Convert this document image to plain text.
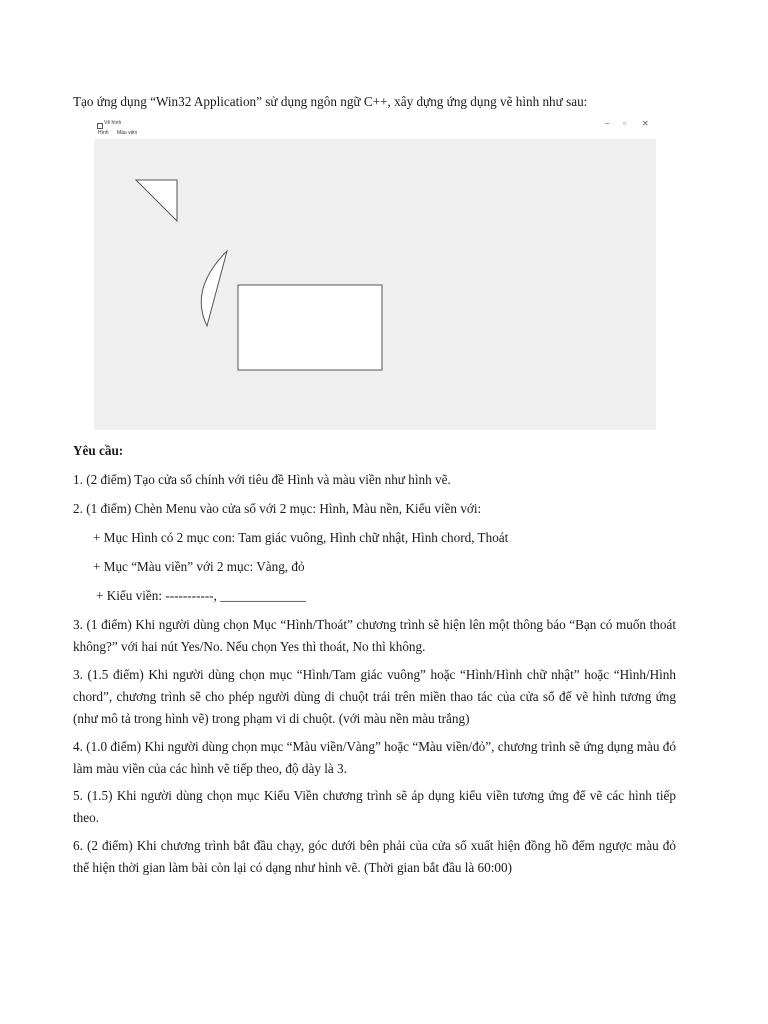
Tạo ứng dụng “Win32 Application” sử dụng ngôn ngữ C++, xây dựng ứng dụng vẽ hình như sau:

Vẽ hình
Hình Màu viền
– ▫ ✕

Yêu cầu:

1. (2 điểm) Tạo cửa sổ chính với tiêu đề Hình và màu viền như hình vẽ.

2. (1 điểm) Chèn Menu vào cửa sổ với 2 mục: Hình, Màu nền, Kiểu viền với:

+ Mục Hình có 2 mục con: Tam giác vuông, Hình chữ nhật, Hình chord, Thoát

+ Mục “Màu viền” với 2 mục: Vàng, đỏ

+ Kiểu viền: -----------, _____________

3. (1 điểm) Khi người dùng chọn Mục “Hình/Thoát” chương trình sẽ hiện lên một thông báo “Bạn có muốn thoát không?” với hai nút Yes/No. Nếu chọn Yes thì thoát, No thì không.

3. (1.5 điểm) Khi người dùng chọn mục “Hình/Tam giác vuông” hoặc “Hình/Hình chữ nhật” hoặc “Hình/Hình chord”, chương trình sẽ cho phép người dùng di chuột trái trên miền thao tác của cửa sổ để vẽ hình tương ứng (như mô tả trong hình vẽ) trong phạm vi di chuột. (với màu nền màu trắng)

4. (1.0 điểm) Khi người dùng chọn mục “Màu viền/Vàng” hoặc “Màu viền/đỏ”, chương trình sẽ ứng dụng màu đó làm màu viền của các hình vẽ tiếp theo, độ dày là 3.

5. (1.5) Khi người dùng chọn mục Kiểu Viền chương trình sẽ áp dụng kiểu viền tương ứng để vẽ các hình tiếp theo.

6. (2 điểm) Khi chương trình bắt đầu chạy, góc dưới bên phải của cửa sổ xuất hiện đồng hồ đếm ngược màu đỏ thể hiện thời gian làm bài còn lại có dạng như hình vẽ. (Thời gian bắt đầu là 60:00)
